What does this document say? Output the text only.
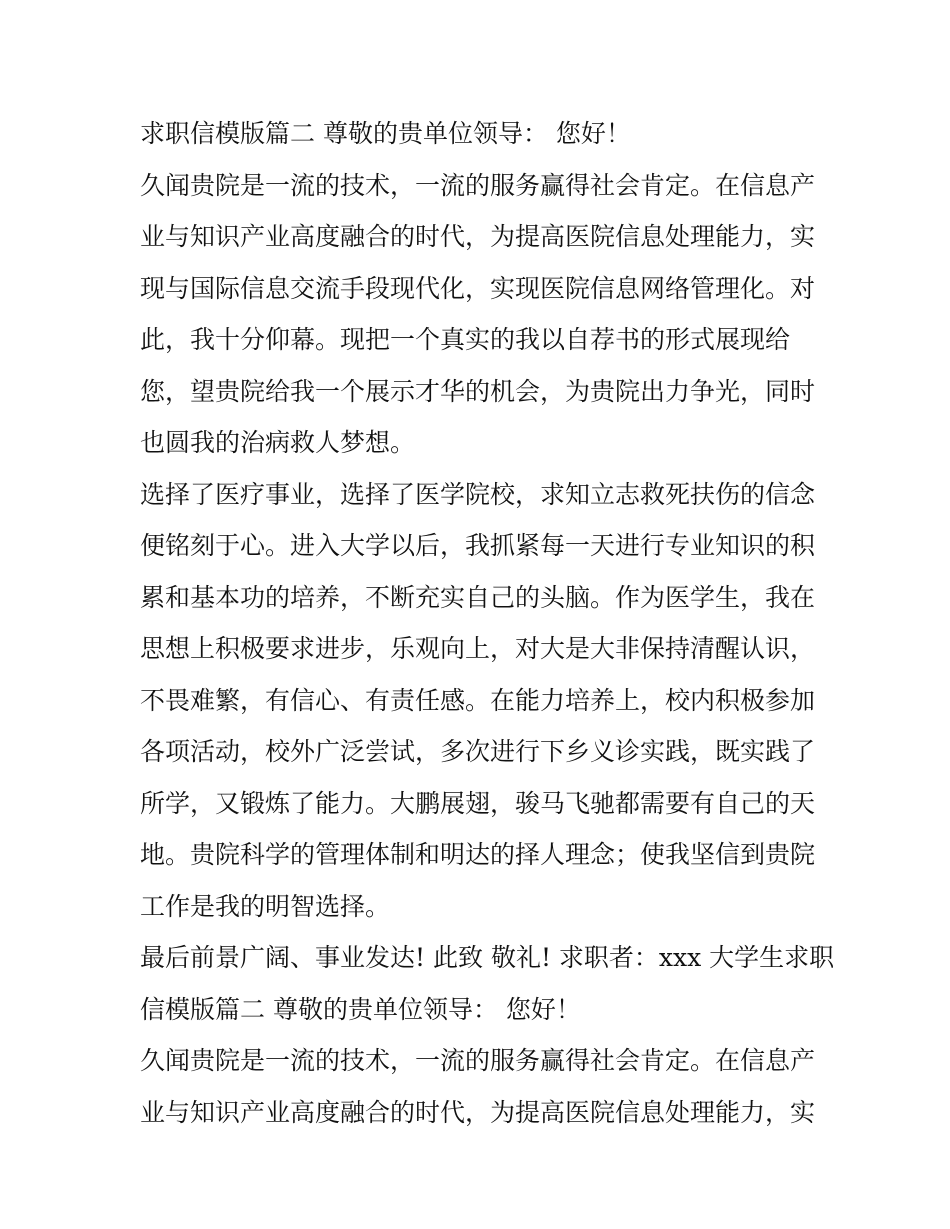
求职信模版篇二 尊敬的贵单位领导： 您好！
久闻贵院是一流的技术，一流的服务赢得社会肯定。在信息产
业与知识产业高度融合的时代，为提高医院信息处理能力，实
现与国际信息交流手段现代化，实现医院信息网络管理化。对
此，我十分仰幕。现把一个真实的我以自荐书的形式展现给
您，望贵院给我一个展示才华的机会，为贵院出力争光，同时
也圆我的治病救人梦想。
选择了医疗事业，选择了医学院校，求知立志救死扶伤的信念
便铭刻于心。进入大学以后，我抓紧每一天进行专业知识的积
累和基本功的培养，不断充实自己的头脑。作为医学生，我在
思想上积极要求进步，乐观向上，对大是大非保持清醒认识，
不畏难繁，有信心、有责任感。在能力培养上，校内积极参加
各项活动，校外广泛尝试，多次进行下乡义诊实践，既实践了
所学，又锻炼了能力。大鹏展翅，骏马飞驰都需要有自己的天
地。贵院科学的管理体制和明达的择人理念；使我坚信到贵院
工作是我的明智选择。
最后前景广阔、事业发达! 此致 敬礼! 求职者：xxx 大学生求职
信模版篇二 尊敬的贵单位领导： 您好！
久闻贵院是一流的技术，一流的服务赢得社会肯定。在信息产
业与知识产业高度融合的时代，为提高医院信息处理能力，实
